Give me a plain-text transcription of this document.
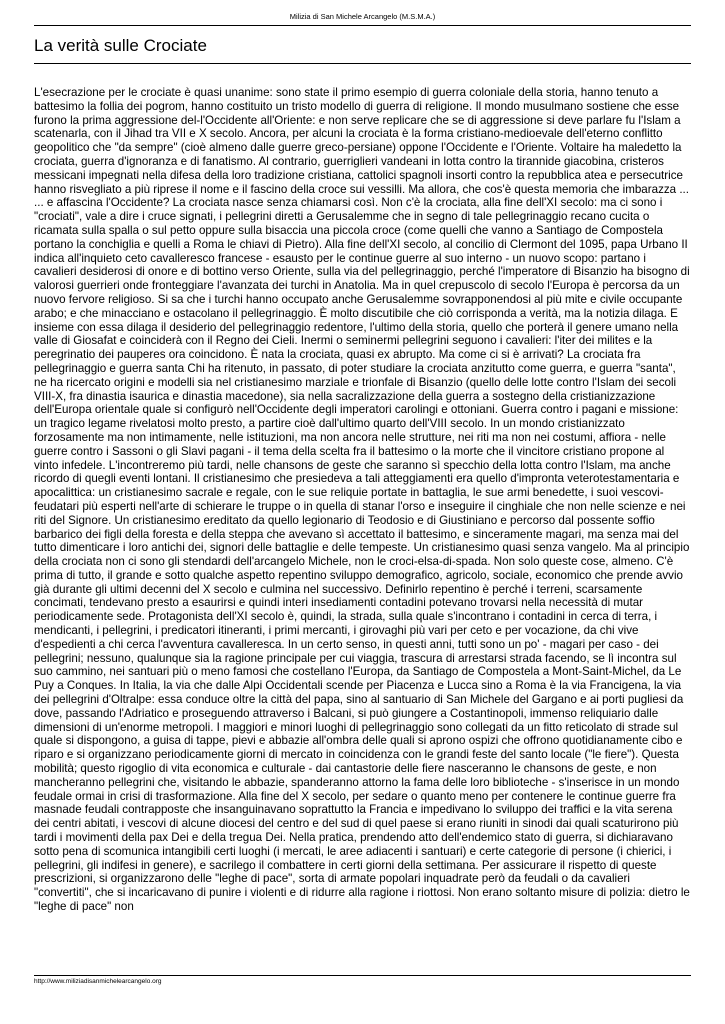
Milizia di San Michele Arcangelo (M.S.M.A.)
La verità sulle Crociate

L'esecrazione per le crociate è quasi unanime: sono state il primo esempio di guerra coloniale della storia, hanno tenuto a battesimo la follia dei pogrom, hanno costituito un tristo modello di guerra di religione. Il mondo musulmano sostiene che esse furono la prima aggressione del-l'Occidente all'Oriente: e non serve replicare che se di aggressione si deve parlare fu l'Islam a scatenarla, con il Jihad tra VII e X secolo. Ancora, per alcuni la crociata è la forma cristiano-medioevale dell'eterno conflitto geopolitico che "da sempre" (cioè almeno dalle guerre greco-persiane) oppone l'Occidente e l'Oriente. Voltaire ha maledetto la crociata, guerra d'ignoranza e di fanatismo. Al contrario, guerriglieri vandeani in lotta contro la tirannide giacobina, cristeros messicani impegnati nella difesa della loro tradizione cristiana, cattolici spagnoli insorti contro la repubblica atea e persecutrice hanno risvegliato a più riprese il nome e il fascino della croce sui vessilli. Ma allora, che cos'è questa memoria che imbarazza ...

... e affascina l'Occidente? La crociata nasce senza chiamarsi così. Non c'è la crociata, alla fine dell'XI secolo: ma ci sono i "crociati", vale a dire i cruce signati, i pellegrini diretti a Gerusalemme che in segno di tale pellegrinaggio recano cucita o ricamata sulla spalla o sul petto oppure sulla bisaccia una piccola croce (come quelli che vanno a Santiago de Compostela portano la conchiglia e quelli a Roma le chiavi di Pietro). Alla fine dell'XI secolo, al concilio di Clermont del 1095, papa Urbano II indica all'inquieto ceto cavalleresco francese - esausto per le continue guerre al suo interno - un nuovo scopo: partano i cavalieri desiderosi di onore e di bottino verso Oriente, sulla via del pellegrinaggio, perché l'imperatore di Bisanzio ha bisogno di valorosi guerrieri onde fronteggiare l'avanzata dei turchi in Anatolia. Ma in quel crepuscolo di secolo l'Europa è percorsa da un nuovo fervore religioso. Si sa che i turchi hanno occupato anche Gerusalemme sovrapponendosi al più mite e civile occupante arabo; e che minacciano e ostacolano il pellegrinaggio. È molto discutibile che ciò corrisponda a verità, ma la notizia dilaga. E insieme con essa dilaga il desiderio del pellegrinaggio redentore, l'ultimo della storia, quello che porterà il genere umano nella valle di Giosafat e coinciderà con il Regno dei Cieli. Inermi o seminermi pellegrini seguono i cavalieri: l'iter dei milites e la peregrinatio dei pauperes ora coincidono. È nata la crociata, quasi ex abrupto. Ma come ci si è arrivati? La crociata fra pellegrinaggio e guerra santa Chi ha ritenuto, in passato, di poter studiare la crociata anzitutto come guerra, e guerra "santa", ne ha ricercato origini e modelli sia nel cristianesimo marziale e trionfale di Bisanzio (quello delle lotte contro l'Islam dei secoli VIII-X, fra dinastia isaurica e dinastia macedone), sia nella sacralizzazione della guerra a sostegno della cristianizzazione dell'Europa orientale quale si configurò nell'Occidente degli imperatori carolingi e ottoniani. Guerra contro i pagani e missione: un tragico legame rivelatosi molto presto, a partire cioè dall'ultimo quarto dell'VIII secolo. In un mondo cristianizzato forzosamente ma non intimamente, nelle istituzioni, ma non ancora nelle strutture, nei riti ma non nei costumi, affiora - nelle guerre contro i Sassoni o gli Slavi pagani - il tema della scelta fra il battesimo o la morte che il vincitore cristiano propone al vinto infedele. L'incontreremo più tardi, nelle chansons de geste che saranno sì specchio della lotta contro l'Islam, ma anche ricordo di quegli eventi lontani. Il cristianesimo che presiedeva a tali atteggiamenti era quello d'impronta veterotestamentaria e apocalittica: un cristianesimo sacrale e regale, con le sue reliquie portate in battaglia, le sue armi benedette, i suoi vescovi-feudatari più esperti nell'arte di schierare le truppe o in quella di stanar l'orso e inseguire il cinghiale che non nelle scienze e nei riti del Signore. Un cristianesimo ereditato da quello legionario di Teodosio e di Giustiniano e percorso dal possente soffio barbarico dei figli della foresta e della steppa che avevano sì accettato il battesimo, e sinceramente magari, ma senza mai del tutto dimenticare i loro antichi dei, signori delle battaglie e delle tempeste. Un cristianesimo quasi senza vangelo. Ma al principio della crociata non ci sono gli stendardi dell'arcangelo Michele, non le croci-elsa-di-spada. Non solo queste cose, almeno. C'è prima di tutto, il grande e sotto qualche aspetto repentino sviluppo demografico, agricolo, sociale, economico che prende avvio già durante gli ultimi decenni del X secolo e culmina nel successivo. Definirlo repentino è perché i terreni, scarsamente concimati, tendevano presto a esaurirsi e quindi interi insediamenti contadini potevano trovarsi nella necessità di mutar periodicamente sede. Protagonista dell'XI secolo è, quindi, la strada, sulla quale s'incontrano i contadini in cerca di terra, i mendicanti, i pellegrini, i predicatori itineranti, i primi mercanti, i girovaghi più vari per ceto e per vocazione, da chi vive d'espedienti a chi cerca l'avventura cavalleresca. In un certo senso, in questi anni, tutti sono un po' - magari per caso - dei pellegrini; nessuno, qualunque sia la ragione principale per cui viaggia, trascura di arrestarsi strada facendo, se lì incontra sul suo cammino, nei santuari più o meno famosi che costellano l'Europa, da Santiago de Compostela a Mont-Saint-Michel, da Le Puy a Conques. In Italia, la via che dalle Alpi Occidentali scende per Piacenza e Lucca sino a Roma è la via Francigena, la via dei pellegrini d'Oltralpe: essa conduce oltre la città del papa, sino al santuario di San Michele del Gargano e ai porti pugliesi da dove, passando l'Adriatico e proseguendo attraverso i Balcani, si può giungere a Costantinopoli, immenso reliquiario dalle dimensioni di un'enorme metropoli. I maggiori e minori luoghi di pellegrinaggio sono collegati da un fitto reticolato di strade sul quale si dispongono, a guisa di tappe, pievi e abbazie all'ombra delle quali si aprono ospizi che offrono quotidianamente cibo e riparo e si organizzano periodicamente giorni di mercato in coincidenza con le grandi feste del santo locale ("le fiere"). Questa mobilità; questo rigoglio di vita economica e culturale - dai cantastorie delle fiere nasceranno le chansons de geste, e non mancheranno pellegrini che, visitando le abbazie, spanderanno attorno la fama delle loro biblioteche - s'inserisce in un mondo feudale ormai in crisi di trasformazione. Alla fine del X secolo, per sedare o quanto meno per contenere le continue guerre fra masnade feudali contrapposte che insanguinavano soprattutto la Francia e impedivano lo sviluppo dei traffici e la vita serena dei centri abitati, i vescovi di alcune diocesi del centro e del sud di quel paese si erano riuniti in sinodi dai quali scaturirono più tardi i movimenti della pax Dei e della tregua Dei. Nella pratica, prendendo atto dell'endemico stato di guerra, si dichiaravano sotto pena di scomunica intangibili certi luoghi (i mercati, le aree adiacenti i santuari) e certe categorie di persone (i chierici, i pellegrini, gli indifesi in genere), e sacrilego il combattere in certi giorni della settimana. Per assicurare il rispetto di queste prescrizioni, si organizzarono delle "leghe di pace", sorta di armate popolari inquadrate però da feudali o da cavalieri "convertiti", che si incaricavano di punire i violenti e di ridurre alla ragione i riottosi. Non erano soltanto misure di polizia: dietro le "leghe di pace" non

http://www.miliziadisanmichelearcangelo.org
